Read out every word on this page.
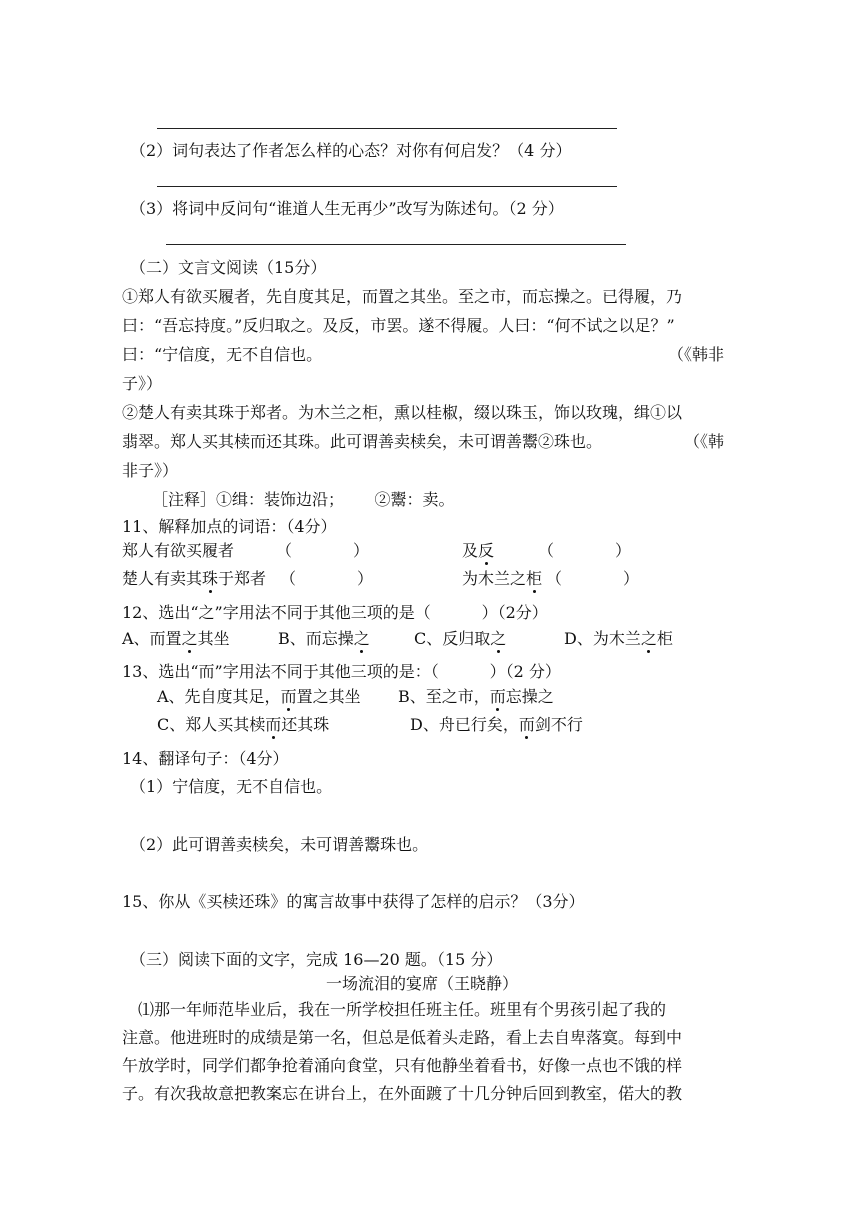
（2）词句表达了作者怎么样的心态？对你有何启发？（4 分）
（3）将词中反问句“谁道人生无再少”改写为陈述句。（2 分）
（二）文言文阅读（15分）
①郑人有欲买履者，先自度其足，而置之其坐。至之市，而忘操之。已得履，乃
曰：“吾忘持度。”反归取之。及反，市罢。遂不得履。人曰：“何不试之以足？”
曰：“宁信度，无不自信也。	（《韩非
子》）
②楚人有卖其珠于郑者。为木兰之柜，熏以桂椒，缀以珠玉，饰以玫瑰，缉①以
翡翠。郑人买其椟而还其珠。此可谓善卖椟矣，未可谓善鬻②珠也。	（《韩
非子》）
［注释］①缉：装饰边沿；      ②鬻：卖。
11、解释加点的词语：（4分）
郑人有欲买履者	（            ）	及反	（            ）
楚人有卖其珠于郑者 （            ）	为木兰之柜 （            ）
12、选出“之”字用法不同于其他三项的是（          ）（2分）
A、而置之其坐	B、而忘操之	C、反归取之	D、为木兰之柜
13、选出“而”字用法不同于其他三项的是：（          ）（2 分）
A、先自度其足，而置之其坐 B、至之市，而忘操之
C、郑人买其椟而还其珠	D、舟已行矣，而剑不行
14、翻译句子：（4分）
（1）宁信度，无不自信也。
（2）此可谓善卖椟矣，未可谓善鬻珠也。
15、你从《买椟还珠》的寓言故事中获得了怎样的启示？（3分）
（三）阅读下面的文字，完成 16—20 题。（15 分）
一场流泪的宴席（王晓静）
⑴那一年师范毕业后，我在一所学校担任班主任。班里有个男孩引起了我的
注意。他进班时的成绩是第一名，但总是低着头走路，看上去自卑落寞。每到中
午放学时，同学们都争抢着涌向食堂，只有他静坐着看书，好像一点也不饿的样
子。有次我故意把教案忘在讲台上，在外面踱了十几分钟后回到教室，偌大的教
